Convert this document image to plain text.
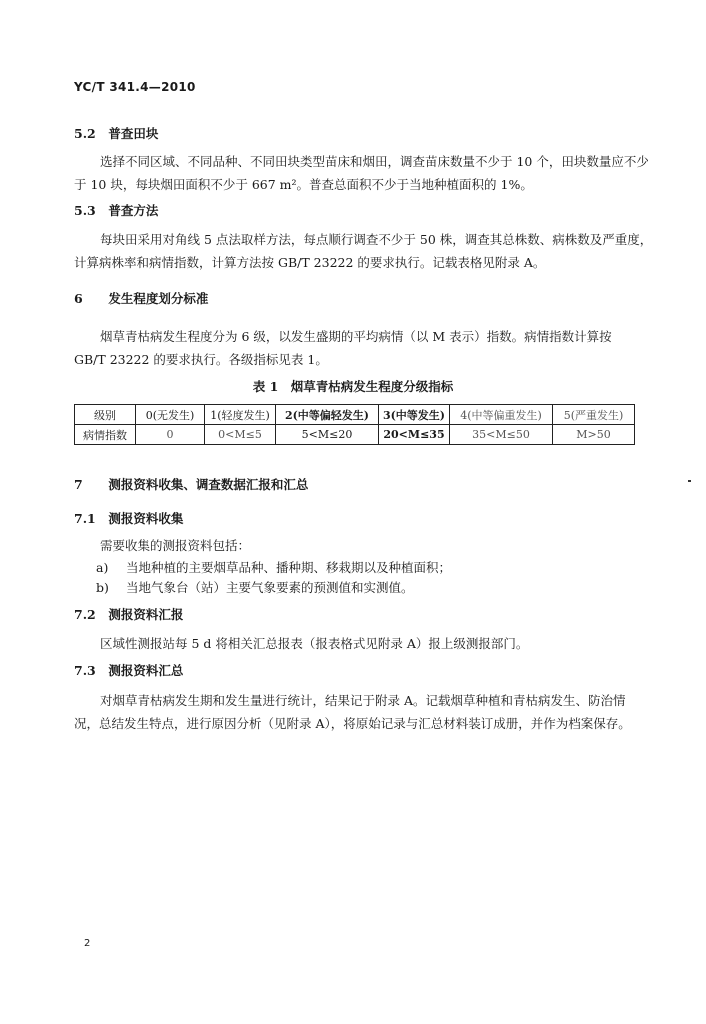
YC/T 341.4—2010
5.2 普查田块
选择不同区域、不同品种、不同田块类型苗床和烟田，调查苗床数量不少于 10 个，田块数量应不少
于 10 块，每块烟田面积不少于 667 m²。普查总面积不少于当地种植面积的 1%。
5.3 普查方法
每块田采用对角线 5 点法取样方法，每点顺行调查不少于 50 株，调查其总株数、病株数及严重度，
计算病株率和病情指数，计算方法按 GB/T 23222 的要求执行。记载表格见附录 A。
6 发生程度划分标准
烟草青枯病发生程度分为 6 级，以发生盛期的平均病情（以 M 表示）指数。病情指数计算按
GB/T 23222 的要求执行。各级指标见表 1。
表 1　烟草青枯病发生程度分级指标
级别	0(无发生)	1(轻度发生)	2(中等偏轻发生)	3(中等发生)	4(中等偏重发生)	5(严重发生)
病情指数	0	0<M≤5	5<M≤20	20<M≤35	35<M≤50	M>50
7 测报资料收集、调查数据汇报和汇总
7.1 测报资料收集
需要收集的测报资料包括：
a) 当地种植的主要烟草品种、播种期、移栽期以及种植面积；
b) 当地气象台（站）主要气象要素的预测值和实测值。
7.2 测报资料汇报
区域性测报站每 5 d 将相关汇总报表（报表格式见附录 A）报上级测报部门。
7.3 测报资料汇总
对烟草青枯病发生期和发生量进行统计，结果记于附录 A。记载烟草种植和青枯病发生、防治情
况，总结发生特点，进行原因分析（见附录 A），将原始记录与汇总材料装订成册，并作为档案保存。
2
